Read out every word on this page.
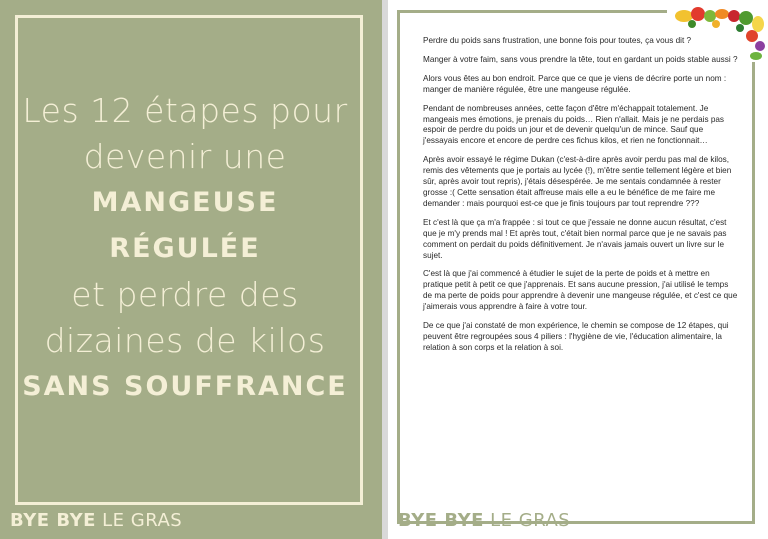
Les 12 étapes pour
devenir une
MANGEUSE RÉGULÉE
et perdre des
dizaines de kilos
SANS SOUFFRANCE
BYE BYE LE GRAS

Perdre du poids sans frustration, une bonne fois pour toutes, ça vous dit ?

Manger à votre faim, sans vous prendre la tête, tout en gardant un poids stable aussi ?

Alors vous êtes au bon endroit. Parce que ce que je viens de décrire porte un nom : manger de manière régulée, être une mangeuse régulée.

Pendant de nombreuses années, cette façon d'être m'échappait totalement. Je mangeais mes émotions, je prenais du poids… Rien n'allait. Mais je ne perdais pas espoir de perdre du poids un jour et de devenir quelqu'un de mince. Sauf que j'essayais encore et encore de perdre ces fichus kilos, et rien ne fonctionnait…

Après avoir essayé le régime Dukan (c'est-à-dire après avoir perdu pas mal de kilos, remis des vêtements que je portais au lycée (!), m'être sentie tellement légère et bien sûr, après avoir tout repris), j'étais désespérée. Je me sentais condamnée à rester grosse :( Cette sensation était affreuse mais elle a eu le bénéfice de me faire me demander : mais pourquoi est-ce que je finis toujours par tout reprendre ???

Et c'est là que ça m'a frappée : si tout ce que j'essaie ne donne aucun résultat, c'est que je m'y prends mal ! Et après tout, c'était bien normal parce que je ne savais pas comment on perdait du poids définitivement. Je n'avais jamais ouvert un livre sur le sujet.

C'est là que j'ai commencé à étudier le sujet de la perte de poids et à mettre en pratique petit à petit ce que j'apprenais. Et sans aucune pression, j'ai utilisé le temps de ma perte de poids pour apprendre à devenir une mangeuse régulée, et c'est ce que j'aimerais vous apprendre à faire à votre tour.

De ce que j'ai constaté de mon expérience, le chemin se compose de 12 étapes, qui peuvent être regroupées sous 4 piliers : l'hygiène de vie, l'éducation alimentaire, la relation à son corps et la relation à soi.

BYE BYE LE GRAS
